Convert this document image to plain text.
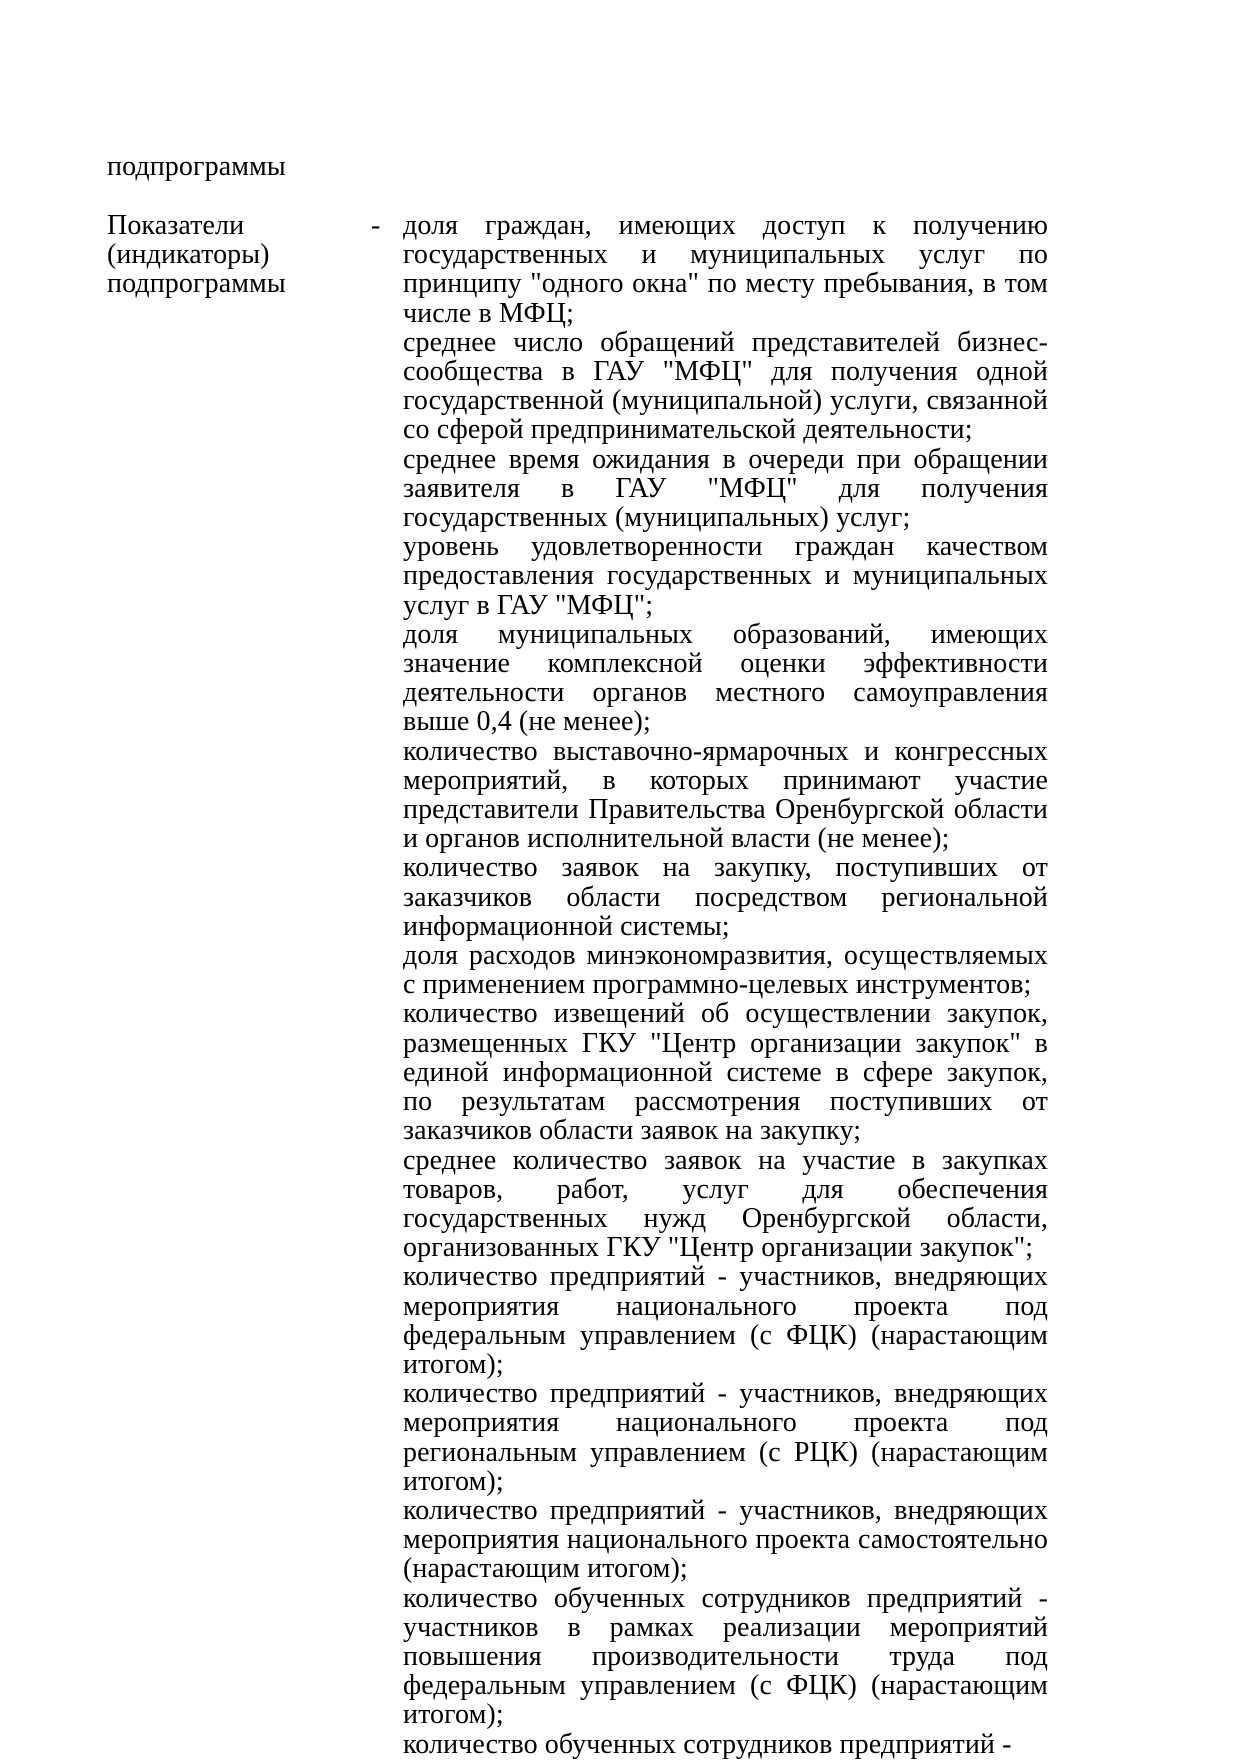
подпрограммы
Показатели (индикаторы) подпрограммы
- доля граждан, имеющих доступ к получению государственных и муниципальных услуг по принципу "одного окна" по месту пребывания, в том числе в МФЦ;

среднее число обращений представителей бизнес-сообщества в ГАУ "МФЦ" для получения одной государственной (муниципальной) услуги, связанной со сферой предпринимательской деятельности;

среднее время ожидания в очереди при обращении заявителя в ГАУ "МФЦ" для получения государственных (муниципальных) услуг;

уровень удовлетворенности граждан качеством предоставления государственных и муниципальных услуг в ГАУ "МФЦ";

доля муниципальных образований, имеющих значение комплексной оценки эффективности деятельности органов местного самоуправления выше 0,4 (не менее);

количество выставочно-ярмарочных и конгрессных мероприятий, в которых принимают участие представители Правительства Оренбургской области и органов исполнительной власти (не менее);

количество заявок на закупку, поступивших от заказчиков области посредством региональной информационной системы;

доля расходов минэкономразвития, осуществляемых с применением программно-целевых инструментов;

количество извещений об осуществлении закупок, размещенных ГКУ "Центр организации закупок" в единой информационной системе в сфере закупок, по результатам рассмотрения поступивших от заказчиков области заявок на закупку;

среднее количество заявок на участие в закупках товаров, работ, услуг для обеспечения государственных нужд Оренбургской области, организованных ГКУ "Центр организации закупок";

количество предприятий - участников, внедряющих мероприятия национального проекта под федеральным управлением (с ФЦК) (нарастающим итогом);

количество предприятий - участников, внедряющих мероприятия национального проекта под региональным управлением (с РЦК) (нарастающим итогом);

количество предприятий - участников, внедряющих мероприятия национального проекта самостоятельно (нарастающим итогом);

количество обученных сотрудников предприятий - участников в рамках реализации мероприятий повышения производительности труда под федеральным управлением (с ФЦК) (нарастающим итогом);

количество обученных сотрудников предприятий -
